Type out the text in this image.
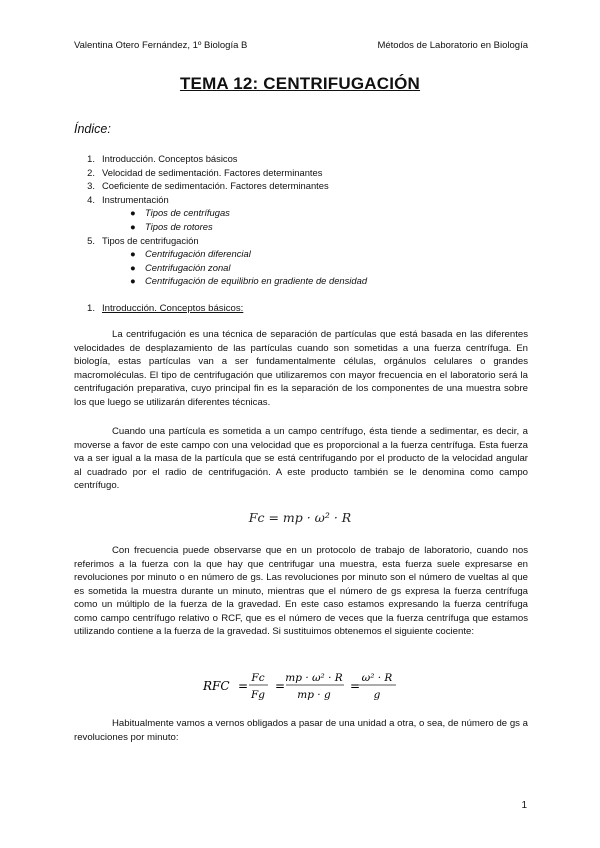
Valentina Otero Fernández, 1º Biología B	Métodos de Laboratorio en Biología
TEMA 12: CENTRIFUGACIÓN
Índice:
1. Introducción. Conceptos básicos
2. Velocidad de sedimentación. Factores determinantes
3. Coeficiente de sedimentación. Factores determinantes
4. Instrumentación
● Tipos de centrífugas
● Tipos de rotores
5. Tipos de centrifugación
● Centrifugación diferencial
● Centrifugación zonal
● Centrifugación de equilibrio en gradiente de densidad
1. Introducción. Conceptos básicos:

La centrifugación es una técnica de separación de partículas que está basada en las diferentes velocidades de desplazamiento de las partículas cuando son sometidas a una fuerza centrífuga. En biología, estas partículas van a ser fundamentalmente células, orgánulos celulares o grandes macromoléculas. El tipo de centrifugación que utilizaremos con mayor frecuencia en el laboratorio será la centrifugación preparativa, cuyo principal fin es la separación de los componentes de una muestra sobre los que luego se utilizarán diferentes técnicas.

Cuando una partícula es sometida a un campo centrífugo, ésta tiende a sedimentar, es decir, a moverse a favor de este campo con una velocidad que es proporcional a la fuerza centrífuga. Esta fuerza va a ser igual a la masa de la partícula que se está centrifugando por el producto de la velocidad angular al cuadrado por el radio de centrifugación. A este producto también se le denomina como campo centrífugo.

Fc = mp · ω² · R

Con frecuencia puede observarse que en un protocolo de trabajo de laboratorio, cuando nos referimos a la fuerza con la que hay que centrifugar una muestra, esta fuerza suele expresarse en revoluciones por minuto o en número de gs. Las revoluciones por minuto son el número de vueltas al que es sometida la muestra durante un minuto, mientras que el número de gs expresa la fuerza centrífuga como un múltiplo de la fuerza de la gravedad. En este caso estamos expresando la fuerza centrífuga como campo centrífugo relativo o RCF, que es el número de veces que la fuerza centrífuga que estamos utilizando contiene a la fuerza de la gravedad. Si sustituimos obtenemos el siguiente cociente:

RFC =
Fc
Fg
=
mp · ω² · R
mp · g
=
ω² · R
g

Habitualmente vamos a vernos obligados a pasar de una unidad a otra, o sea, de número de gs a revoluciones por minuto:

1
